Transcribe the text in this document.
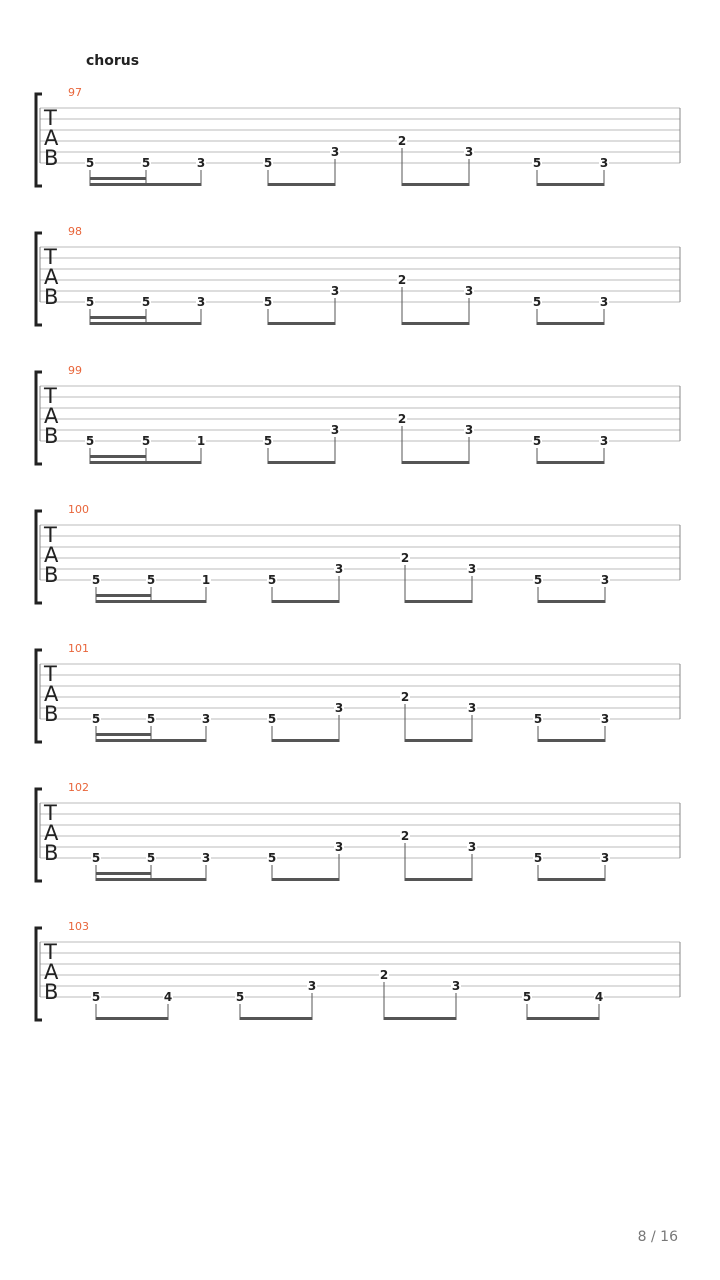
chorus
97
T
A
B 5	5	3	5
3
2
3
5	3
98
T
A
B 5	5	3	5
3
2
3
5	3
99
T
A
B 5	5	1	5
3
2
3
5	3
100
T
A
B	5	5	1	5
3
2
3
5	3
101
T
A
B	5	5	3	5
3
2
3
5	3
102
T
A
B	5	5	3	5
3
2
3
5	3
103
T
A
B	5	4	5
3
2
3
5	4
8 / 16
